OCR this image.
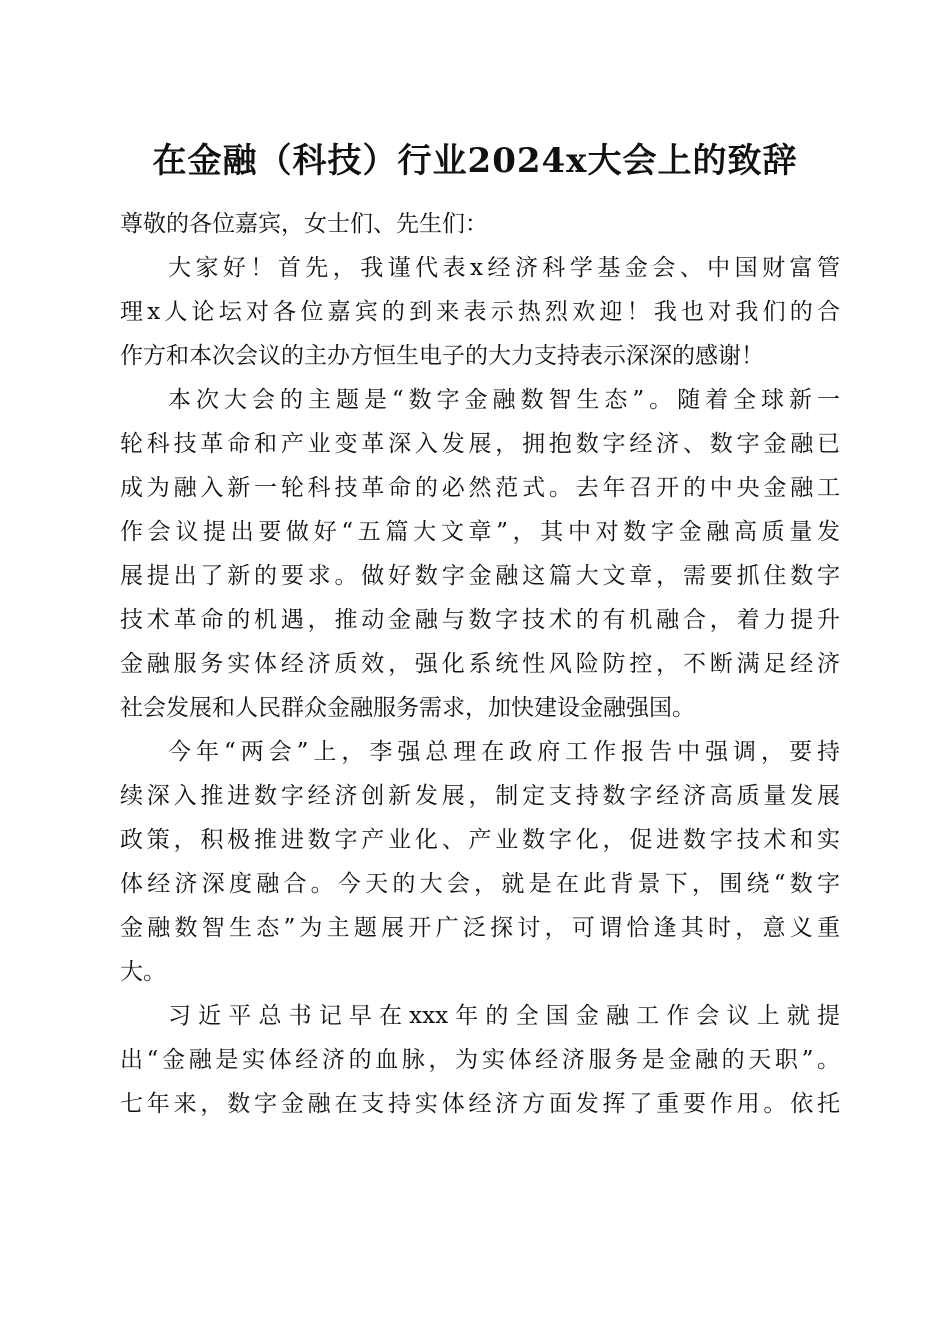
在金融（科技）行业2024x大会上的致辞
尊敬的各位嘉宾，女士们、先生们：
大家好！首先，我谨代表x经济科学基金会、中国财富管
理x人论坛对各位嘉宾的到来表示热烈欢迎！我也对我们的合
作方和本次会议的主办方恒生电子的大力支持表示深深的感谢！
本次大会的主题是“数字金融数智生态”。随着全球新一
轮科技革命和产业变革深入发展，拥抱数字经济、数字金融已
成为融入新一轮科技革命的必然范式。去年召开的中央金融工
作会议提出要做好“五篇大文章”，其中对数字金融高质量发
展提出了新的要求。做好数字金融这篇大文章，需要抓住数字
技术革命的机遇，推动金融与数字技术的有机融合，着力提升
金融服务实体经济质效，强化系统性风险防控，不断满足经济
社会发展和人民群众金融服务需求，加快建设金融强国。
今年“两会”上，李强总理在政府工作报告中强调，要持
续深入推进数字经济创新发展，制定支持数字经济高质量发展
政策，积极推进数字产业化、产业数字化，促进数字技术和实
体经济深度融合。今天的大会，就是在此背景下，围绕“数字
金融数智生态”为主题展开广泛探讨，可谓恰逢其时，意义重
大。
习近平总书记早在xxx年的全国金融工作会议上就提
出“金融是实体经济的血脉，为实体经济服务是金融的天职”。
七年来，数字金融在支持实体经济方面发挥了重要作用。依托
